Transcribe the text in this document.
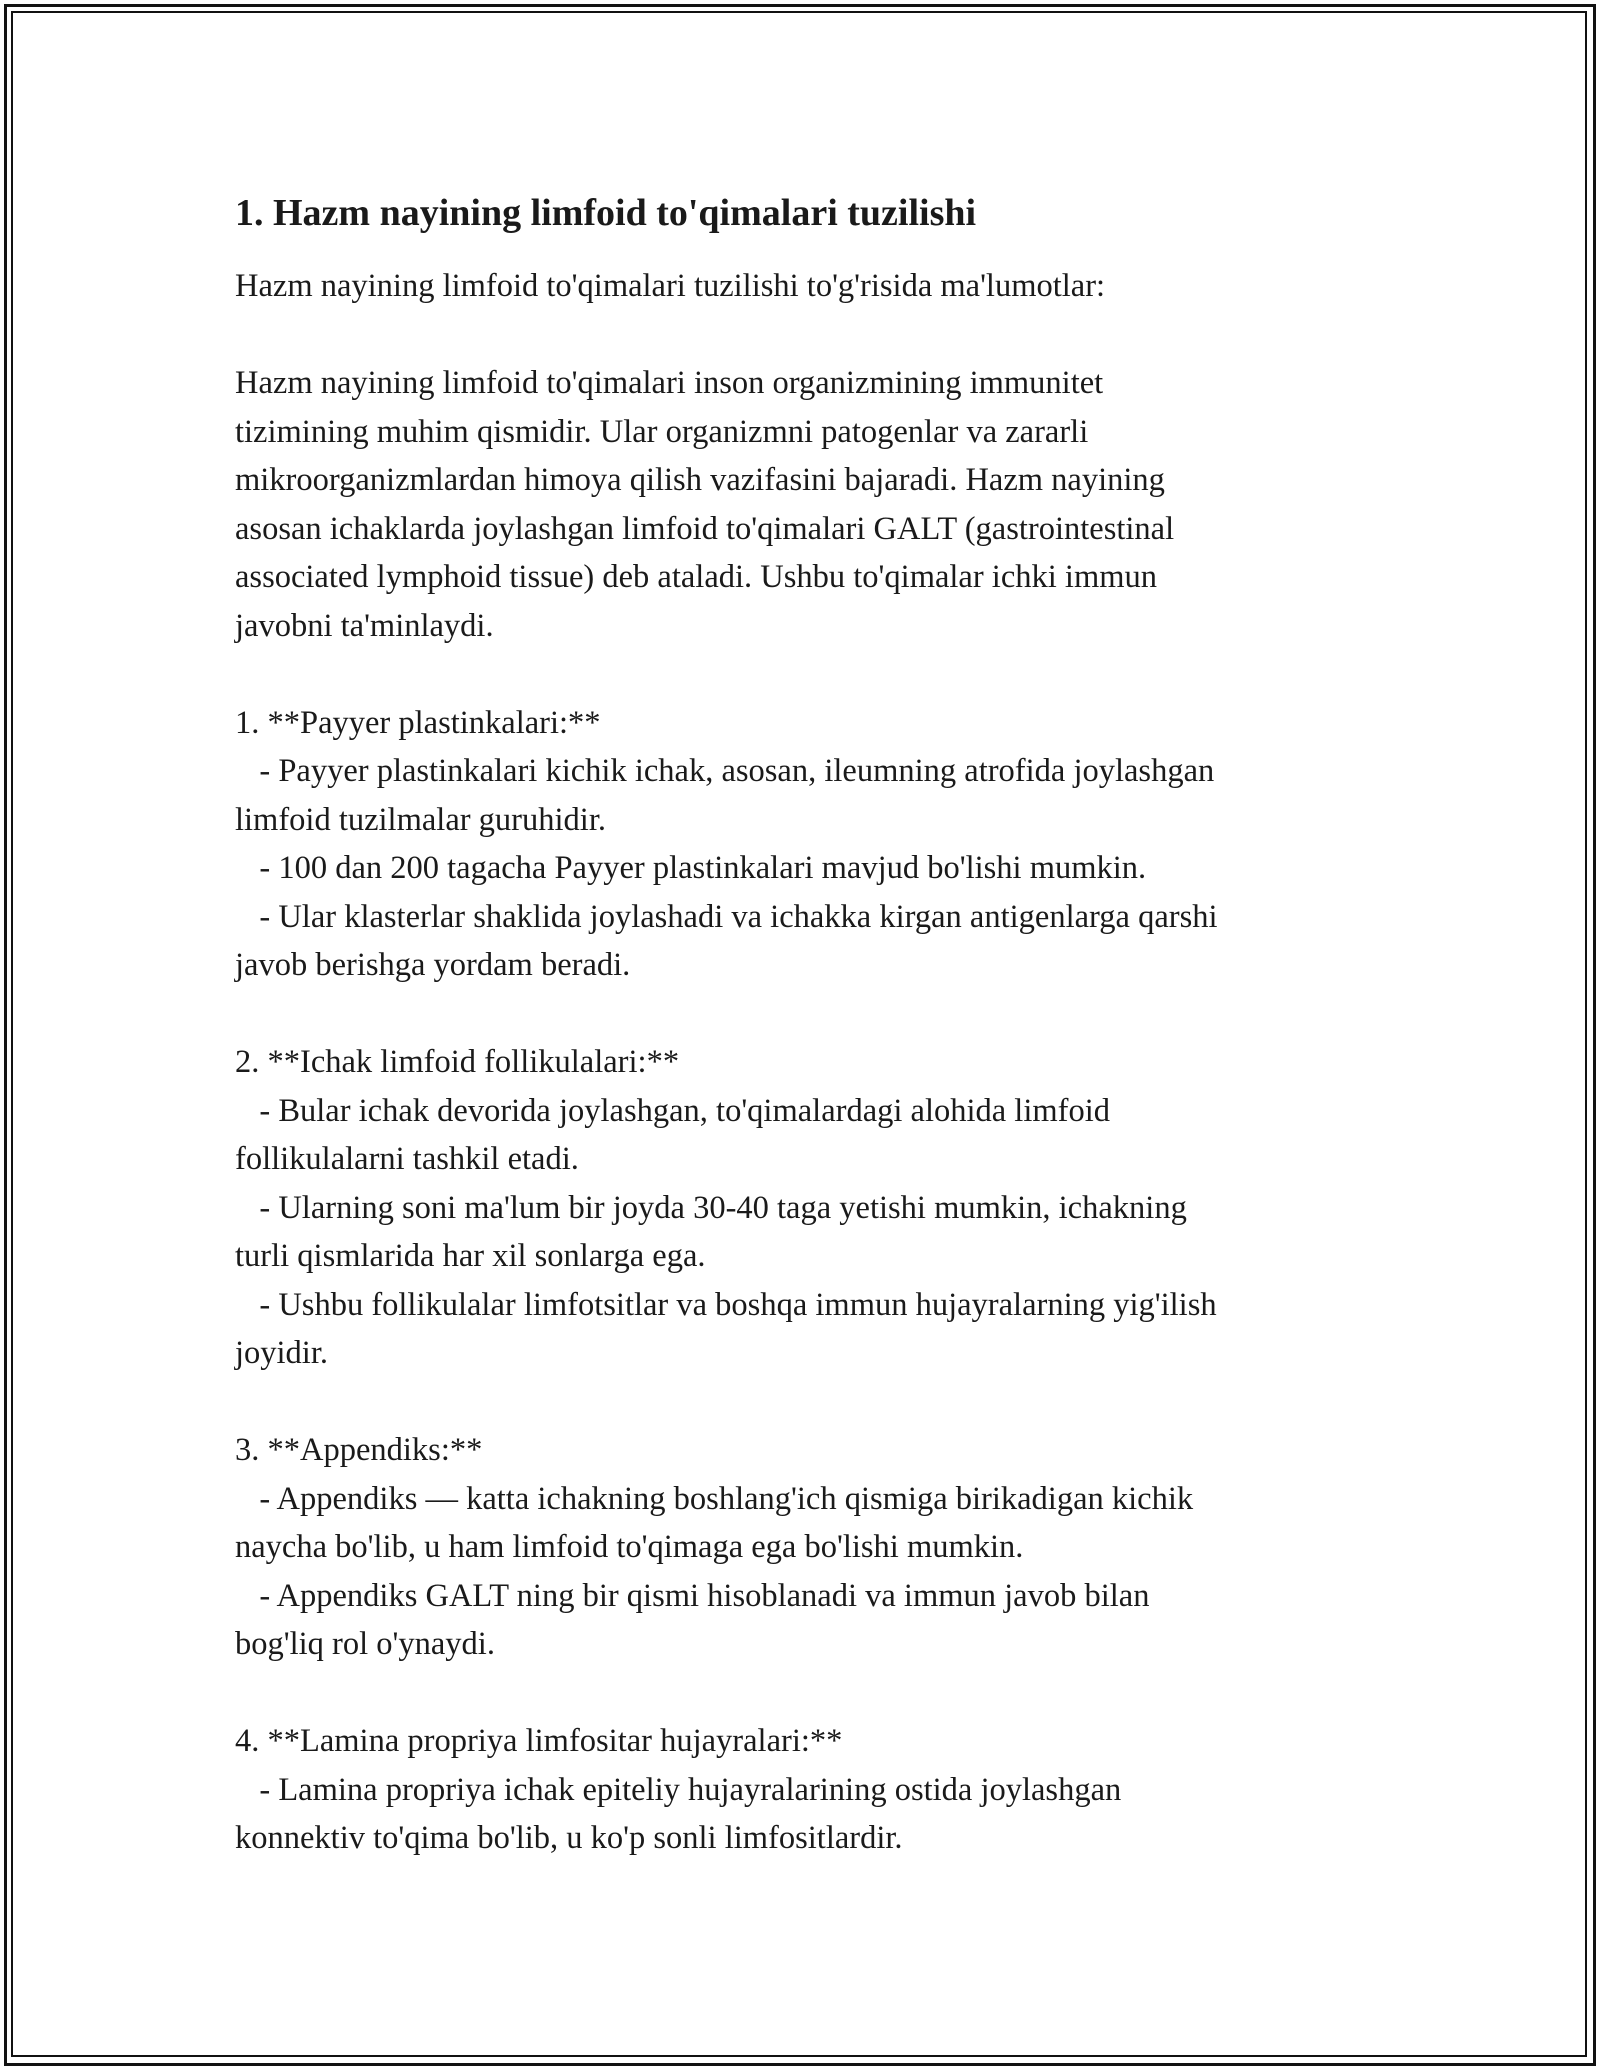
1. Hazm nayining limfoid to'qimalari tuzilishi

Hazm nayining limfoid to'qimalari tuzilishi to'g'risida ma'lumotlar:

Hazm nayining limfoid to'qimalari inson organizmining immunitet
tizimining muhim qismidir. Ular organizmni patogenlar va zararli
mikroorganizmlardan himoya qilish vazifasini bajaradi. Hazm nayining
asosan ichaklarda joylashgan limfoid to'qimalari GALT (gastrointestinal
associated lymphoid tissue) deb ataladi. Ushbu to'qimalar ichki immun
javobni ta'minlaydi.

1. **Payyer plastinkalari:**
- Payyer plastinkalari kichik ichak, asosan, ileumning atrofida joylashgan
limfoid tuzilmalar guruhidir.
- 100 dan 200 tagacha Payyer plastinkalari mavjud bo'lishi mumkin.
- Ular klasterlar shaklida joylashadi va ichakka kirgan antigenlarga qarshi
javob berishga yordam beradi.

2. **Ichak limfoid follikulalari:**
- Bular ichak devorida joylashgan, to'qimalardagi alohida limfoid
follikulalarni tashkil etadi.
- Ularning soni ma'lum bir joyda 30-40 taga yetishi mumkin, ichakning
turli qismlarida har xil sonlarga ega.
- Ushbu follikulalar limfotsitlar va boshqa immun hujayralarning yig'ilish
joyidir.

3. **Appendiks:**
- Appendiks — katta ichakning boshlang'ich qismiga birikadigan kichik
naycha bo'lib, u ham limfoid to'qimaga ega bo'lishi mumkin.
- Appendiks GALT ning bir qismi hisoblanadi va immun javob bilan
bog'liq rol o'ynaydi.

4. **Lamina propriya limfositar hujayralari:**
- Lamina propriya ichak epiteliy hujayralarining ostida joylashgan
konnektiv to'qima bo'lib, u ko'p sonli limfositlardir.
